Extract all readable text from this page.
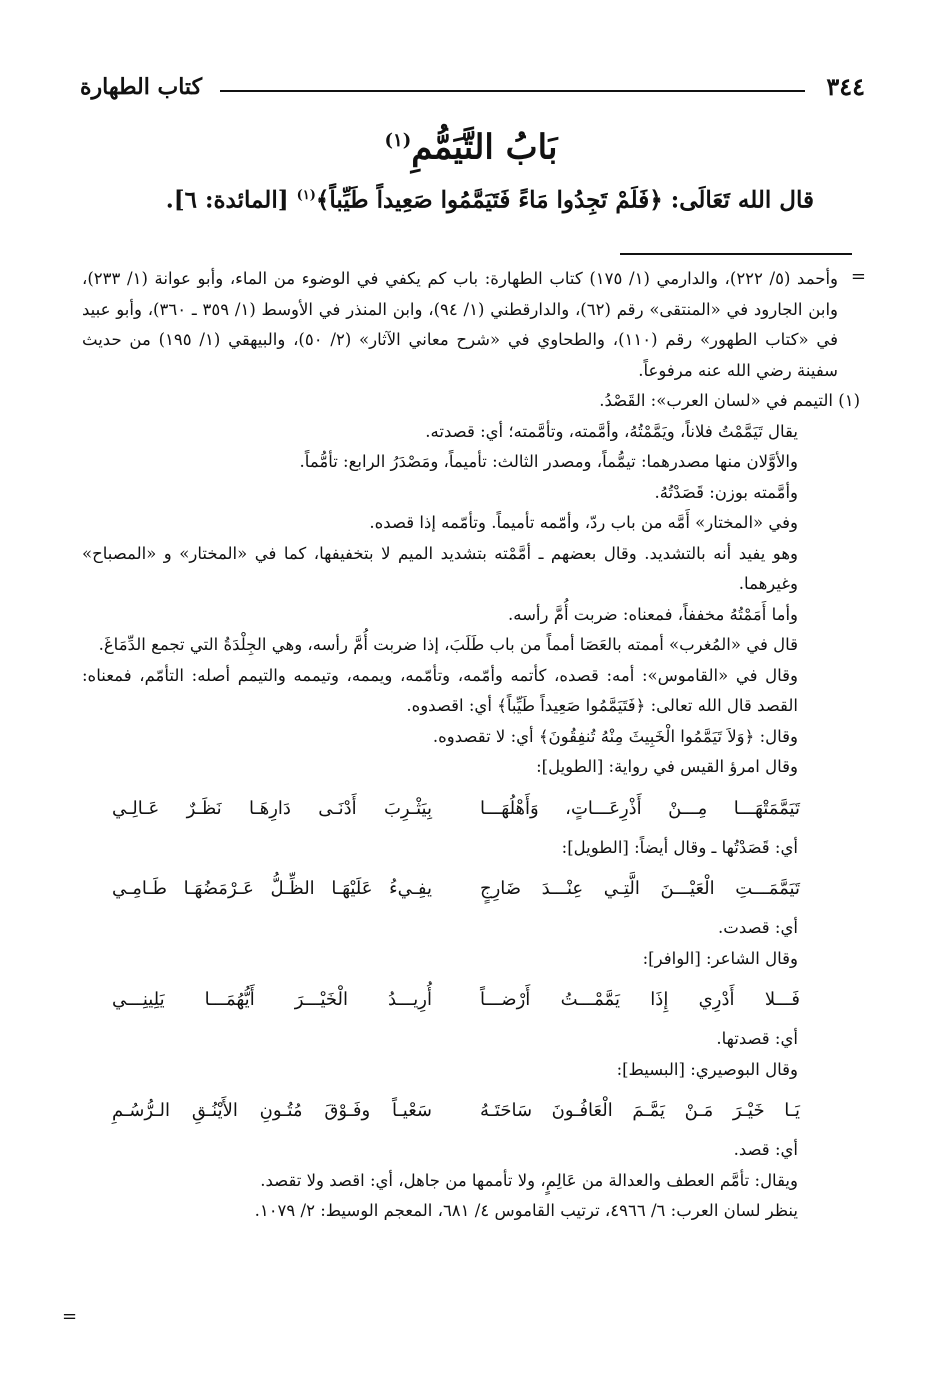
٣٤٤
كتاب الطهارة
بَابُ التَّيَمُّمِ$^{(١)}$
قال الله تَعَالَى: ﴿فَلَمْ تَجِدُوا مَاءً فَتَيَمَّمُوا صَعِيداً طَيِّباً﴾$^{(١)}$ [المائدة: ٦].
=

وأحمد (٥/ ٢٢٢)، والدارمي (١/ ١٧٥) كتاب الطهارة: باب كم يكفي في الوضوء من الماء، وأبو عوانة (١/ ٢٣٣)، وابن الجارود في «المنتقى» رقم (٦٢)، والدارقطني (١/ ٩٤)، وابن المنذر في الأوسط (١/ ٣٥٩ ـ ٣٦٠)، وأبو عبيد في «كتاب الطهور» رقم (١١٠)، والطحاوي في «شرح معاني الآثار» (٢/ ٥٠)، والبيهقي (١/ ١٩٥) من حديث سفينة رضي الله عنه مرفوعاً.

(١) التيمم في «لسان العرب»: القَصْدُ.

يقال تَيَمَّمْتُ فلاناً، ويَمَّمْتُهُ، وأمَّمته، وتأمَّمته؛ أي: قصدته.

والأوَّلان منها مصدرهما: تيمُّماً، ومصدر الثالث: تأميماً، ومَصْدَرُ الرابع: تأمُّماً.

وأمَّمته بوزن: قَصَدْتُهُ.

وفي «المختار» أَمَّه من باب ردّ، وأمّمه تأميماً. وتأمّمه إذا قصده.

وهو يفيد أنه بالتشديد. وقال بعضهم ـ أمَّمْته بتشديد الميم لا بتخفيفها، كما في «المختار» و «المصباح» وغيرهما.

وأما أَمَمْتُهُ مخففاً، فمعناه: ضربت أُمَّ رأسه.

قال في «المُغرب» أممته بالعَصَا أمماً من باب طَلَبَ، إذا ضربت أُمَّ رأسه، وهي الجِلْدَةُ التي تجمع الدِّمَاغَ.

وقال في «القاموس»: أمه: قصده، كأتمه وأمّمه، وتأمّمه، ويممه، وتيممه والتيمم أصله: التأمّم، فمعناه: القصد قال الله تعالى: ﴿فَتَيَمَّمُوا صَعِيداً طَيِّباً﴾ أي: اقصدوه.

وقال: ﴿وَلاَ تَيَمَّمُوا الْخَبِيثَ مِنْهُ تُنفِقُونَ﴾ أي: لا تقصدوه.

وقال امرؤ القيس في رواية: [الطويل]:

تَيَمَّمَتْهَـــا مِـــنْ أَذْرِعَـــاتٍ، وَأَهْلُهَـــا
بِيَثْـرِبَ أَدْنَـى دَارِهَـا نَظَـرٌ عَـالِـي

أي: قَصَدْتُها ـ وقال أيضاً: [الطويل]:

تَيَمَّمَـــتِ الْعَيْـــنَ الَّتِـي عِنْـــدَ ضَارِجٍ
يفِـيءُ عَلَيْهَـا الظِّـلُّ عَـرْمَضُهَـا طَـامِـي

أي: قصدت.

وقال الشاعر: [الوافر]:

فَـــلا أَدْرِي إِذَا يَمَّمْـــتُ أَرْضـــاً
أُرِيـــدُ الْخَيْـــرَ أَيُّهُمَـــا يَلِينِـــي

أي: قصدتها.

وقال البوصيري: [البسيط]:

يَـا خَيْـرَ مَـنْ يَمَّـمَ الْعَافُـونَ سَاحَتَـهُ
سَعْيـاً وفَـوْقَ مُتُـونِ الأَيْنُـقِ الـرُّسُـمِ

أي: قصد.

ويقال: تأمَّم العطف والعدالة من عَالِمٍ، ولا تأممها من جاهل، أي: اقصد ولا تقصد.

ينظر لسان العرب: ٦/ ٤٩٦٦، ترتيب القاموس ٤/ ٦٨١، المعجم الوسيط: ٢/ ١٠٧٩.

=
